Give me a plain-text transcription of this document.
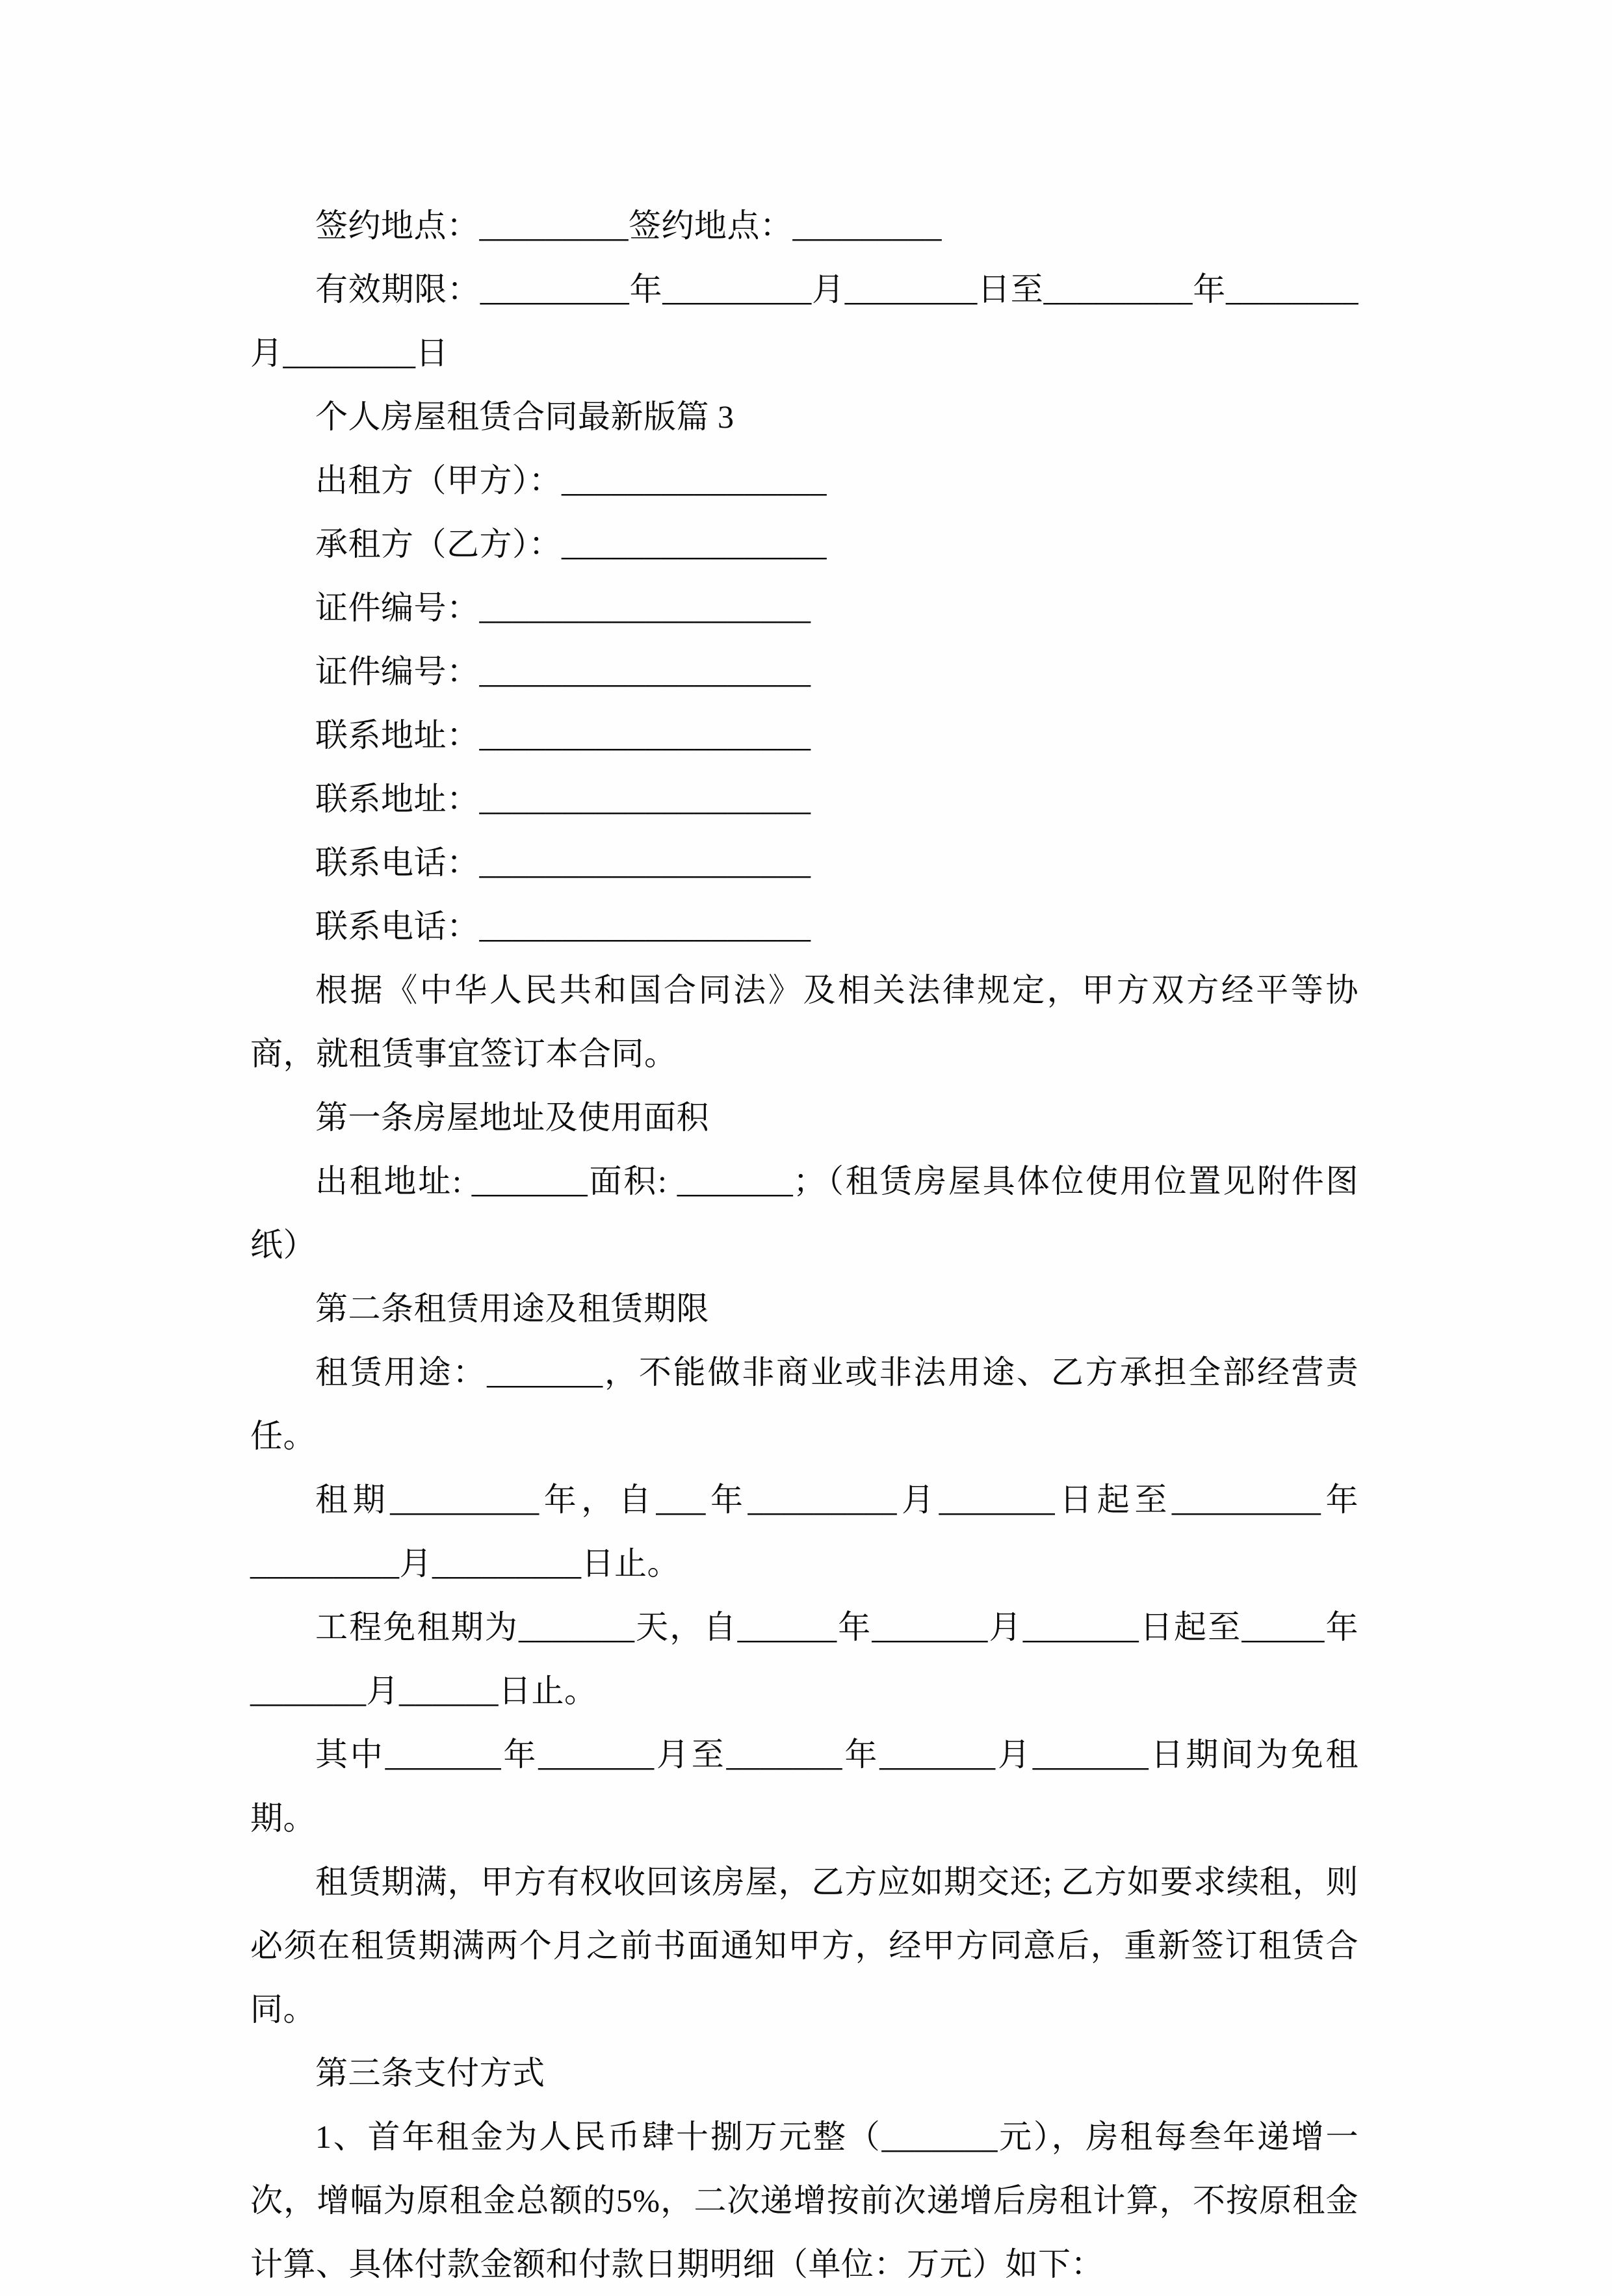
签约地点：_________签约地点：_________

有效期限：_________年_________月________日至_________年________ 月________日

个人房屋租赁合同最新版篇 3

出租方（甲方）：________________

承租方（乙方）：________________

证件编号：____________________

证件编号：____________________

联系地址：____________________

联系地址：____________________

联系电话：____________________

联系电话：____________________

根据《中华人民共和国合同法》及相关法律规定，甲方双方经平等协商，就租赁事宜签订本合同。

第一条房屋地址及使用面积

出租地址: _______面积: _______；（租赁房屋具体位使用位置见附件图纸）

第二条租赁用途及租赁期限

租赁用途：_______，不能做非商业或非法用途、乙方承担全部经营责任。

租期_________年，自___年_________月_______日起至_________年 _________月_________日止。

工程免租期为_______天，自______年_______月_______日起至_____年 _______月______日止。

其中_______年_______月至_______年_______月_______日期间为免租期。

租赁期满，甲方有权收回该房屋，乙方应如期交还; 乙方如要求续租，则必须在租赁期满两个月之前书面通知甲方，经甲方同意后，重新签订租赁合同。

第三条支付方式

1、首年租金为人民币肆十捌万元整（_______元），房租每叁年递增一次，增幅为原租金总额的5%，二次递增按前次递增后房租计算，不按原租金计算、具体付款金额和付款日期明细（单位：万元）如下：
